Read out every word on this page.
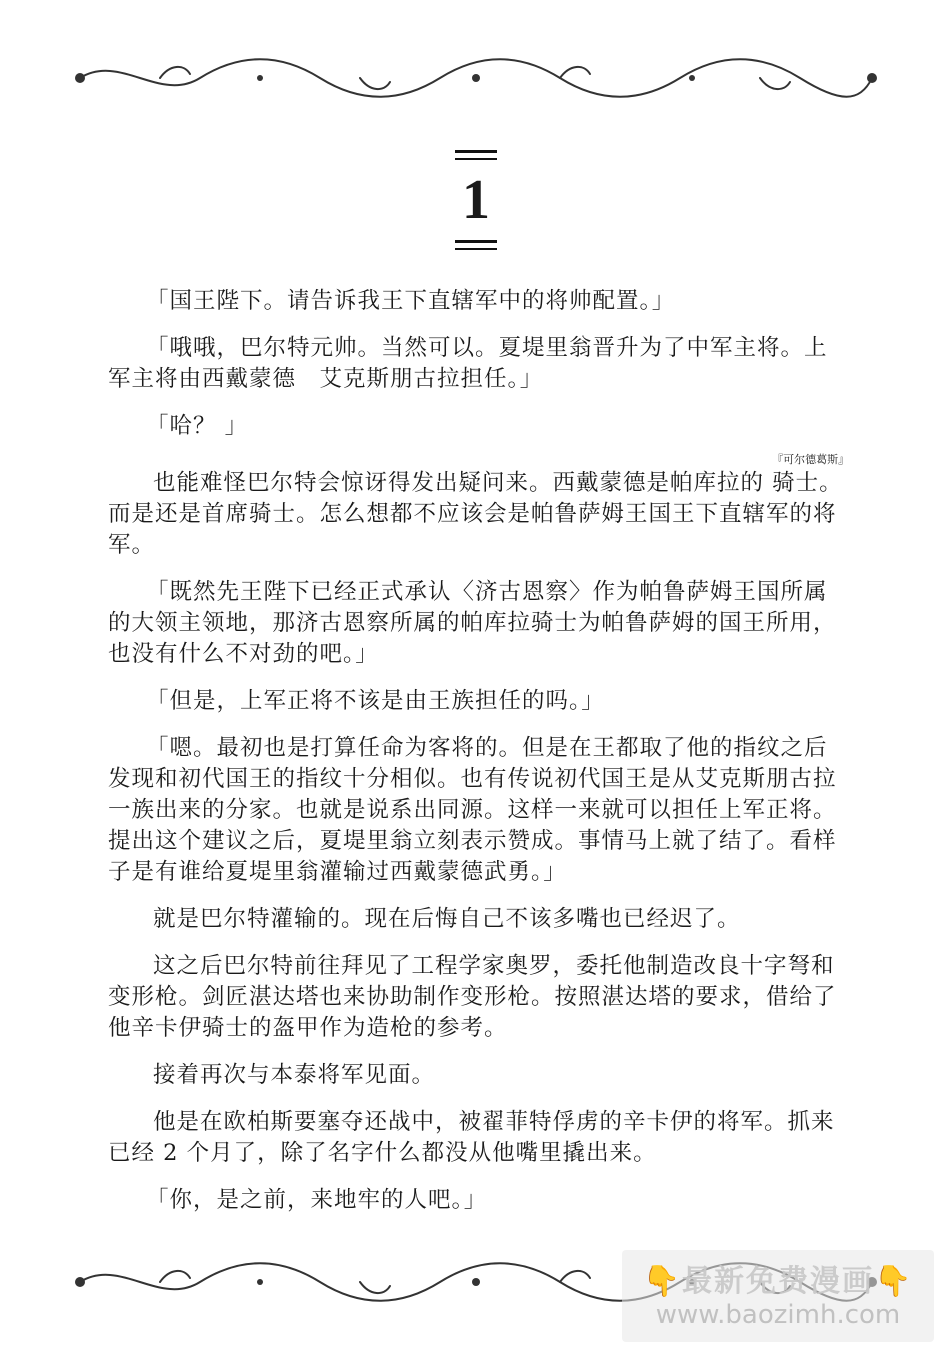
1

「国王陛下。请告诉我王下直辖军中的将帅配置。」

「哦哦，巴尔特元帅。当然可以。夏堤里翁晋升为了中军主将。上军主将由西戴蒙德　艾克斯朋古拉担任。」

「哈？ 」

也能难怪巴尔特会惊讶得发出疑问来。西戴蒙德是帕库拉的
『可尔德葛斯』
骑士。而是还是首席骑士。怎么想都不应该会是帕鲁萨姆王国王下直辖军的将军。

「既然先王陛下已经正式承认〈济古恩察〉作为帕鲁萨姆王国所属的大领主领地，那济古恩察所属的帕库拉骑士为帕鲁萨姆的国王所用，也没有什么不对劲的吧。」

「但是，上军正将不该是由王族担任的吗。」

「嗯。最初也是打算任命为客将的。但是在王都取了他的指纹之后发现和初代国王的指纹十分相似。也有传说初代国王是从艾克斯朋古拉一族出来的分家。也就是说系出同源。这样一来就可以担任上军正将。提出这个建议之后，夏堤里翁立刻表示赞成。事情马上就了结了。看样子是有谁给夏堤里翁灌输过西戴蒙德武勇。」

就是巴尔特灌输的。现在后悔自己不该多嘴也已经迟了。

这之后巴尔特前往拜见了工程学家奥罗，委托他制造改良十字弩和变形枪。剑匠湛达塔也来协助制作变形枪。按照湛达塔的要求，借给了他辛卡伊骑士的盔甲作为造枪的参考。

接着再次与本泰将军见面。

他是在欧柏斯要塞夺还战中，被翟菲特俘虏的辛卡伊的将军。抓来已经 2 个月了，除了名字什么都没从他嘴里撬出来。

「你，是之前，来地牢的人吧。」

👇最新免费漫画👇
www.baozimh.com
